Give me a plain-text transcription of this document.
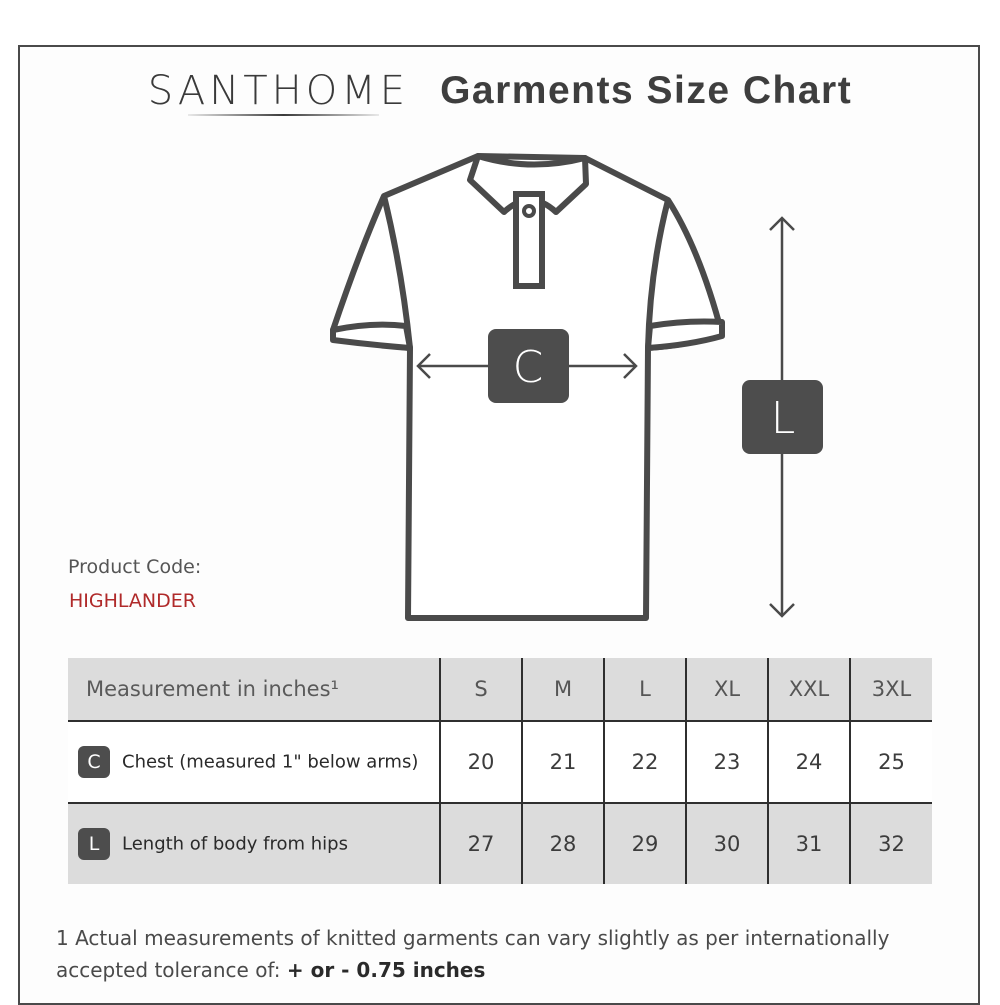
SANTHOME Garments Size Chart
C
L
Product Code:
HIGHLANDER
Measurement in inches¹	S	M	L	XL	XXL	3XL
C Chest (measured 1" below arms)	20	21	22	23	24	25
L Length of body from hips	27	28	29	30	31	32
1 Actual measurements of knitted garments can vary slightly as per internationally accepted tolerance of: + or - 0.75 inches
